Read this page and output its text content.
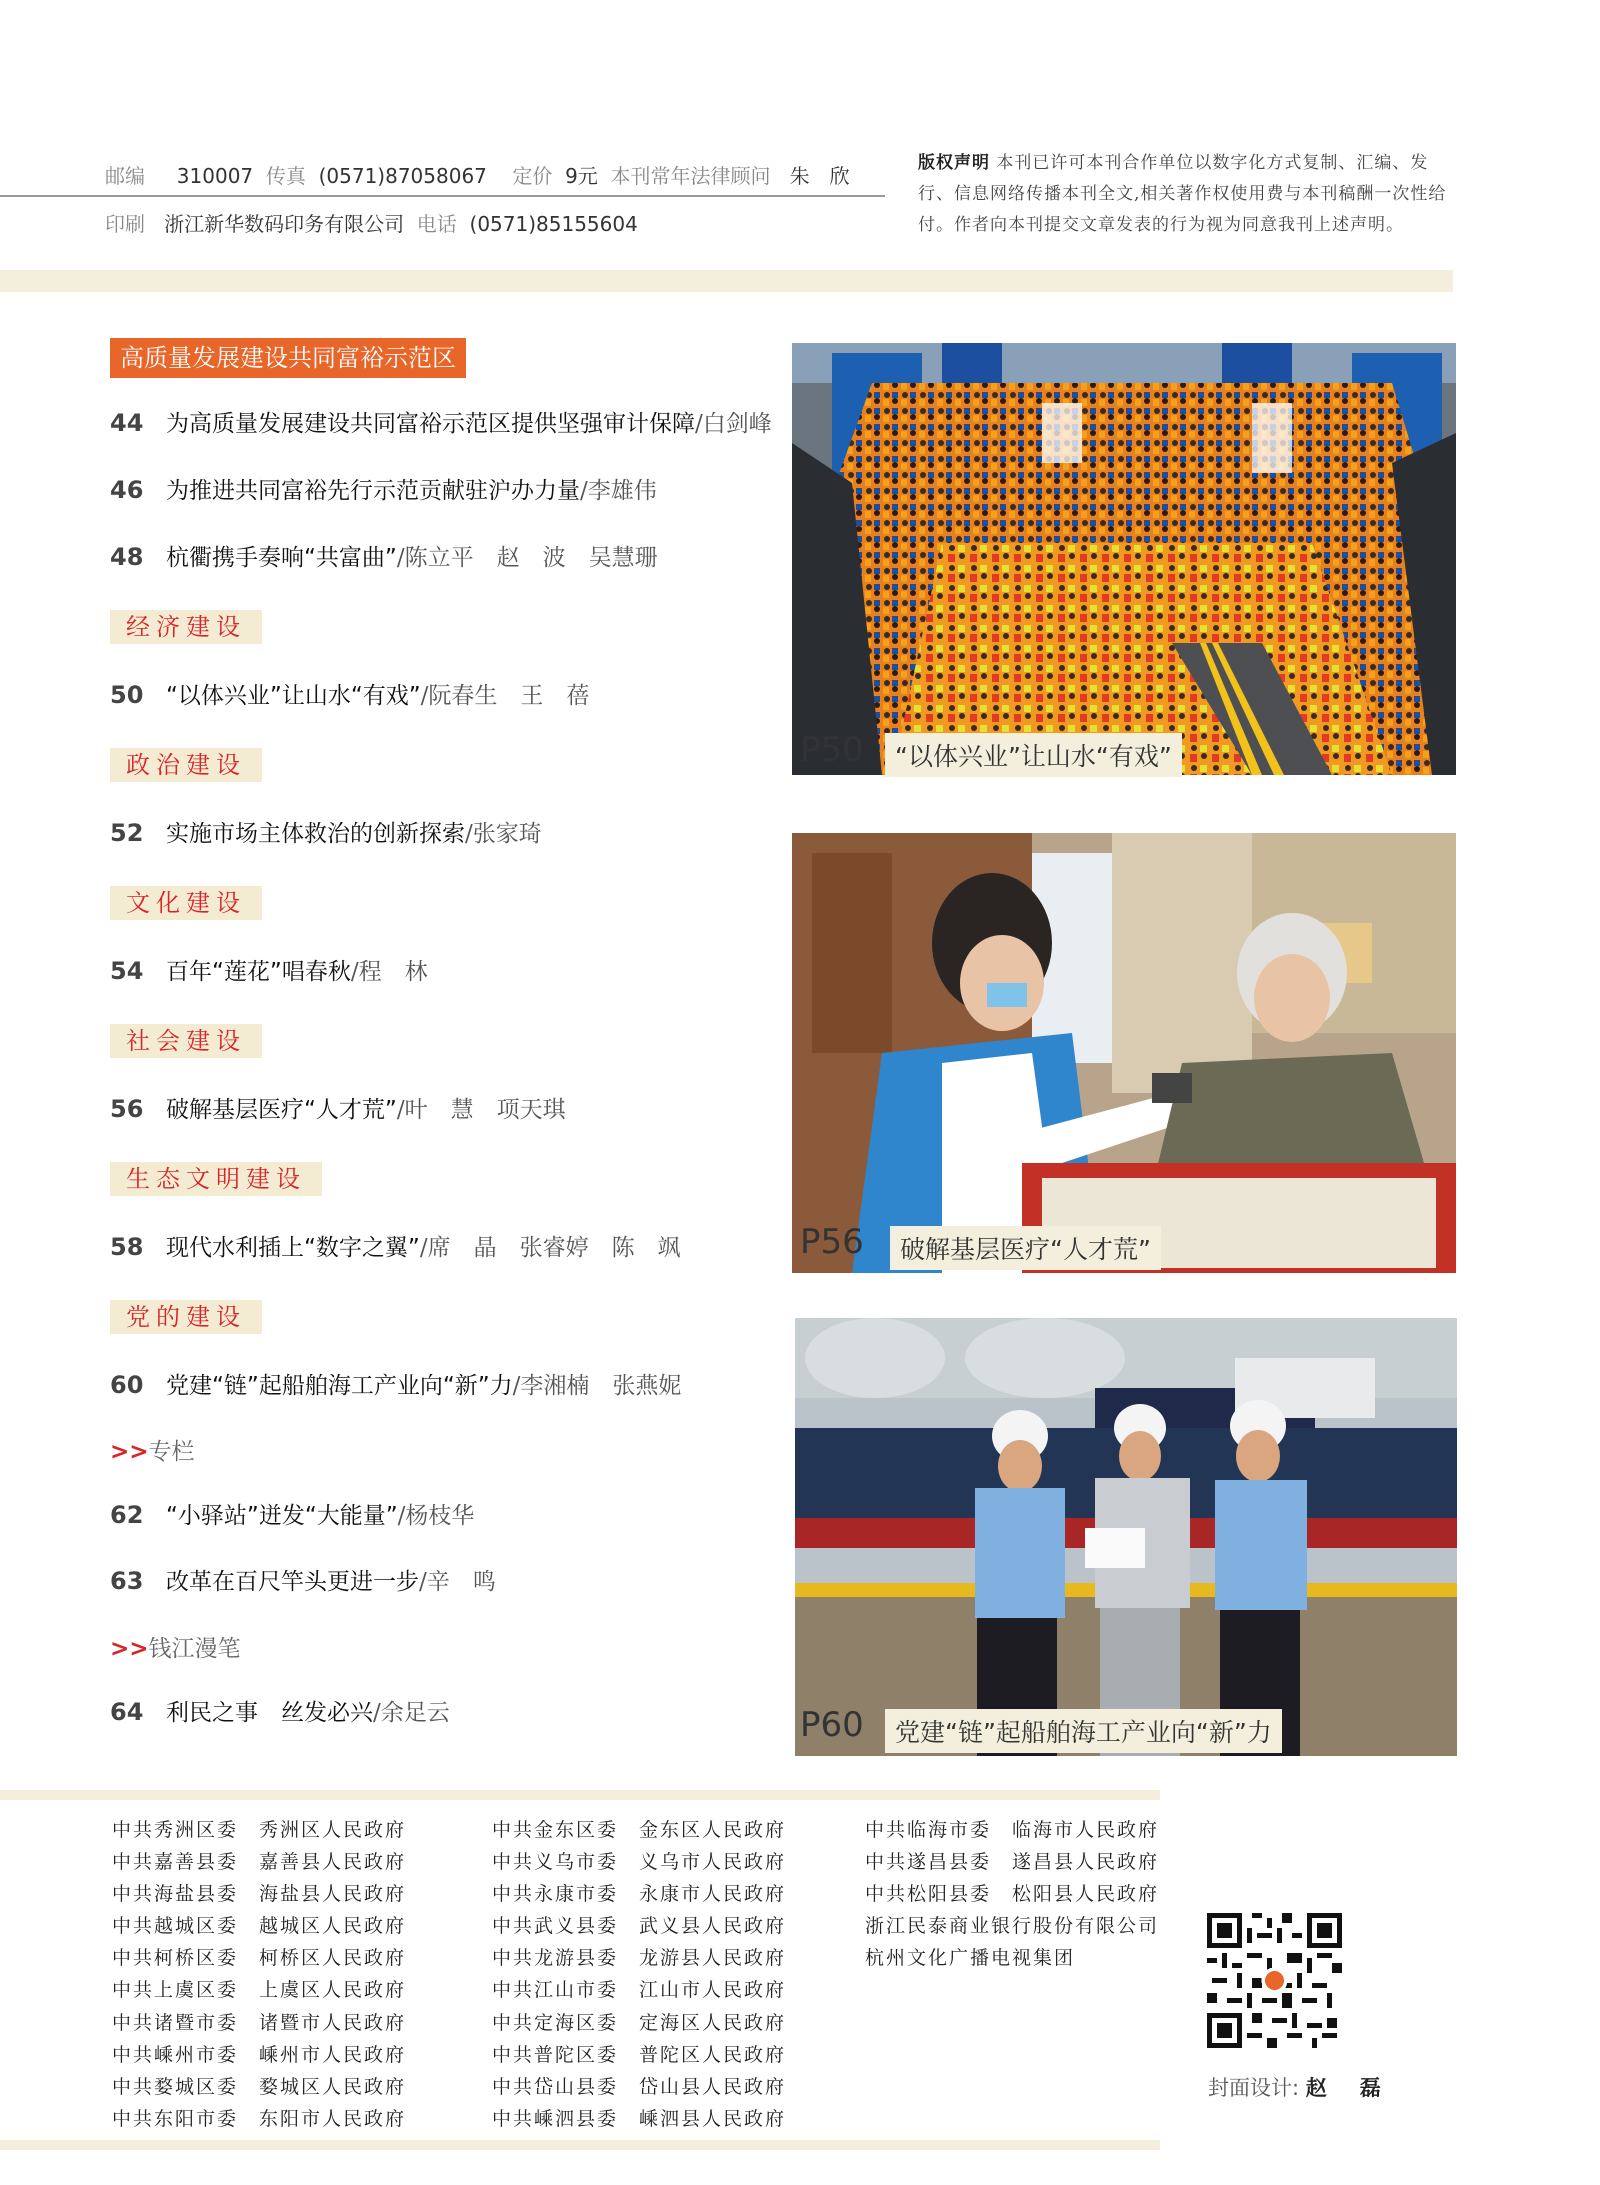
邮编 310007 传真 (0571)87058067 定价 9元 本刊常年法律顾问 朱　欣
印刷 浙江新华数码印务有限公司 电话 (0571)85155604
版权声明 本刊已许可本刊合作单位以数字化方式复制、汇编、发行、信息网络传播本刊全文,相关著作权使用费与本刊稿酬一次性给付。作者向本刊提交文章发表的行为视为同意我刊上述声明。
高质量发展建设共同富裕示范区
44 为高质量发展建设共同富裕示范区提供坚强审计保障/白剑峰
46 为推进共同富裕先行示范贡献驻沪办力量/李雄伟
48 杭衢携手奏响“共富曲”/陈立平　赵　波　吴慧珊
经济建设
50 “以体兴业”让山水“有戏”/阮春生　王　蓓
政治建设
52 实施市场主体救治的创新探索/张家琦
文化建设
54 百年“莲花”唱春秋/程　林
社会建设
56 破解基层医疗“人才荒”/叶　慧　项天琪
生态文明建设
58 现代水利插上“数字之翼”/席　晶　张睿婷　陈　飒
党的建设
60 党建“链”起船舶海工产业向“新”力/李湘楠　张燕妮
>>专栏
62 “小驿站”迸发“大能量”/杨枝华
63 改革在百尺竿头更进一步/辛　鸣
>>钱江漫笔
64 利民之事　丝发必兴/余足云
P50	“以体兴业”让山水“有戏”
P56	破解基层医疗“人才荒”
P60	党建“链”起船舶海工产业向“新”力
中共秀洲区委　秀洲区人民政府
中共嘉善县委　嘉善县人民政府
中共海盐县委　海盐县人民政府
中共越城区委　越城区人民政府
中共柯桥区委　柯桥区人民政府
中共上虞区委　上虞区人民政府
中共诸暨市委　诸暨市人民政府
中共嵊州市委　嵊州市人民政府
中共婺城区委　婺城区人民政府
中共东阳市委　东阳市人民政府
中共金东区委　金东区人民政府
中共义乌市委　义乌市人民政府
中共永康市委　永康市人民政府
中共武义县委　武义县人民政府
中共龙游县委　龙游县人民政府
中共江山市委　江山市人民政府
中共定海区委　定海区人民政府
中共普陀区委　普陀区人民政府
中共岱山县委　岱山县人民政府
中共嵊泗县委　嵊泗县人民政府
中共临海市委　临海市人民政府
中共遂昌县委　遂昌县人民政府
中共松阳县委　松阳县人民政府
浙江民泰商业银行股份有限公司
杭州文化广播电视集团
封面设计: 赵　磊
